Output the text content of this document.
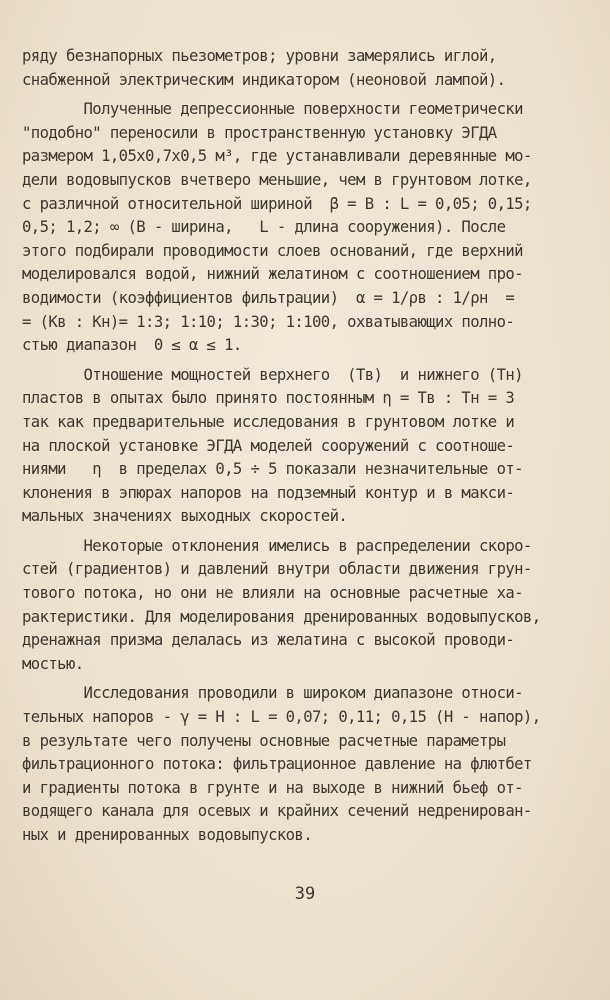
ряду безнапорных пьезометров; уровни замерялись иглой,
снабженной электрическим индикатором (неоновой лампой).
Полученные депрессионные поверхности геометрически
"подобно" переносили в пространственную установку ЭГДА
размером 1,05х0,7х0,5 м³, где устанавливали деревянные мо-
дели водовыпусков вчетверо меньшие, чем в грунтовом лотке,
с различной относительной шириной  β = B : L = 0,05; 0,15;
0,5; 1,2; ∞ (B - ширина,   L - длина сооружения). После
этого подбирали проводимости слоев оснований, где верхний
моделировался водой, нижний желатином с соотношением про-
водимости (коэффициентов фильтрации)  α = 1/ρв : 1/ρн  =
= (Kв : Kн)= 1:3; 1:10; 1:30; 1:100, охватывающих полно-
стью диапазон  0 ≤ α ≤ 1.
Отношение мощностей верхнего  (Tв)  и нижнего (Tн)
пластов в опытах было принято постоянным η = Tв : Tн = 3
так как предварительные исследования в грунтовом лотке и
на плоской установке ЭГДА моделей сооружений с соотноше-
ниями   η  в пределах 0,5 ÷ 5 показали незначительные от-
клонения в эпюрах напоров на подземный контур и в макси-
мальных значениях выходных скоростей.
Некоторые отклонения имелись в распределении скоро-
стей (градиентов) и давлений внутри области движения грун-
тового потока, но они не влияли на основные расчетные ха-
рактеристики. Для моделирования дренированных водовыпусков,
дренажная призма делалась из желатина с высокой проводи-
мостью.
Исследования проводили в широком диапазоне относи-
тельных напоров - γ = H : L = 0,07; 0,11; 0,15 (H - напор),
в результате чего получены основные расчетные параметры
фильтрационного потока: фильтрационное давление на флютбет
и градиенты потока в грунте и на выходе в нижний бьеф от-
водящего канала для осевых и крайних сечений недренирован-
ных и дренированных водовыпусков.
39
